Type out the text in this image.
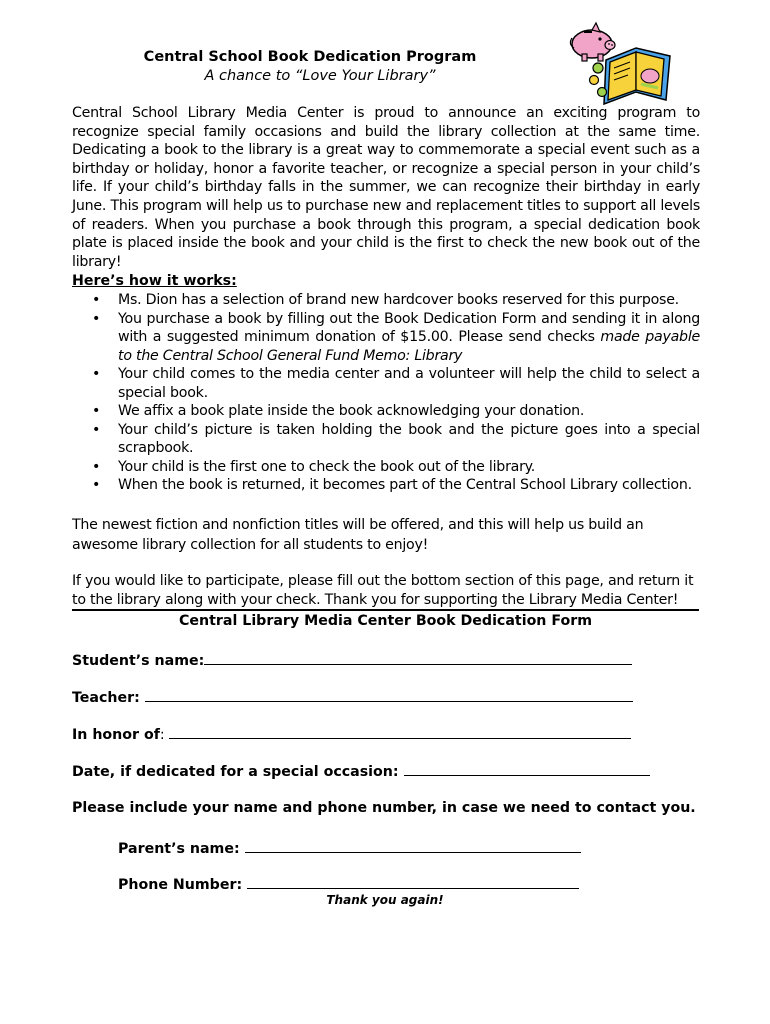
Central School Book Dedication Program
A chance to “Love Your Library”
Central School Library Media Center is proud to announce an exciting program to recognize special family occasions and build the library collection at the same time. Dedicating a book to the library is a great way to commemorate a special event such as a birthday or holiday, honor a favorite teacher, or recognize a special person in your child’s life. If your child’s birthday falls in the summer, we can recognize their birthday in early June. This program will help us to purchase new and replacement titles to support all levels of readers. When you purchase a book through this program, a special dedication book plate is placed inside the book and your child is the first to check the new book out of the library!
Here’s how it works:
• Ms. Dion has a selection of brand new hardcover books reserved for this purpose.
• You purchase a book by filling out the Book Dedication Form and sending it in along with a suggested minimum donation of $15.00. Please send checks made payable to the Central School General Fund Memo: Library
• Your child comes to the media center and a volunteer will help the child to select a special book.
• We affix a book plate inside the book acknowledging your donation.
• Your child’s picture is taken holding the book and the picture goes into a special scrapbook.
• Your child is the first one to check the book out of the library.
• When the book is returned, it becomes part of the Central School Library collection.
The newest fiction and nonfiction titles will be offered, and this will help us build an awesome library collection for all students to enjoy!
If you would like to participate, please fill out the bottom section of this page, and return it to the library along with your check. Thank you for supporting the Library Media Center!
Central Library Media Center Book Dedication Form
Student’s name:
Teacher:
In honor of:
Date, if dedicated for a special occasion:
Please include your name and phone number, in case we need to contact you.
Parent’s name:
Phone Number:
Thank you again!
